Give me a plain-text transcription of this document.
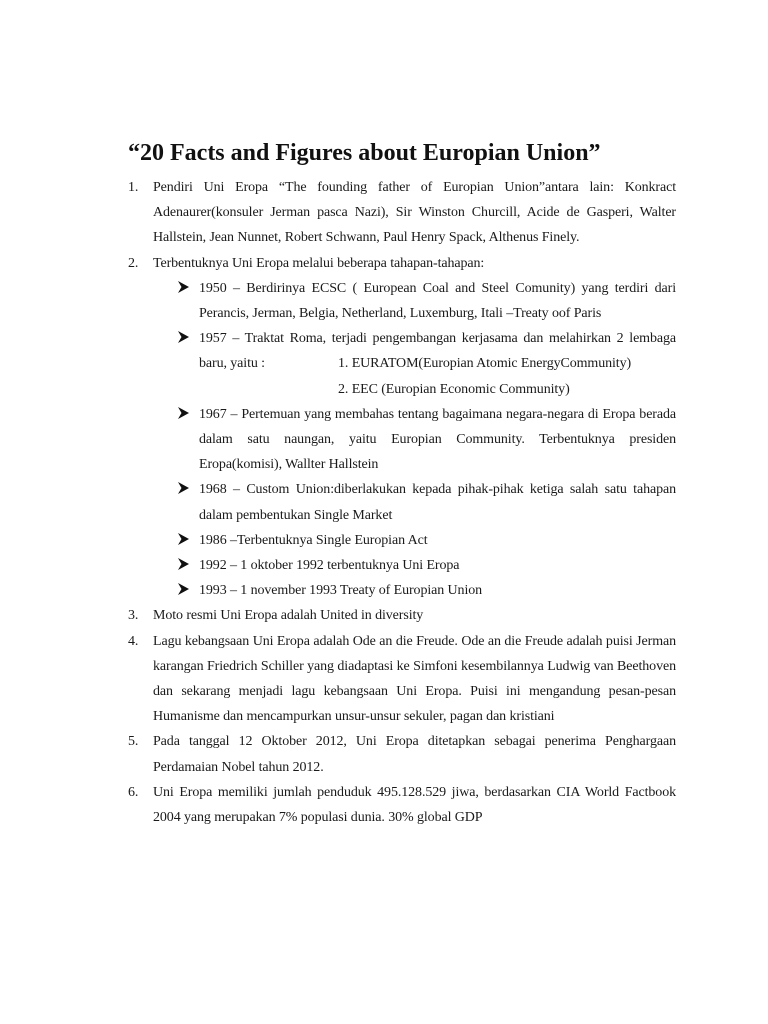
“20 Facts and Figures about Europian Union”
1. Pendiri Uni Eropa “The founding father of Europian Union”antara lain: Konkract Adenaurer(konsuler Jerman pasca Nazi), Sir Winston Churcill, Acide de Gasperi, Walter Hallstein, Jean Nunnet, Robert Schwann, Paul Henry Spack, Althenus Finely.
2. Terbentuknya Uni Eropa melalui beberapa tahapan-tahapan:
1950 – Berdirinya ECSC ( European Coal and Steel Comunity) yang terdiri dari Perancis, Jerman, Belgia, Netherland, Luxemburg, Itali –Treaty oof Paris
1957 – Traktat Roma, terjadi pengembangan kerjasama dan melahirkan 2 lembaga baru, yaitu :	1. EURATOM(Europian Atomic EnergyCommunity)
2. EEC (Europian Economic Community)
1967 – Pertemuan yang membahas tentang bagaimana negara-negara di Eropa berada dalam satu naungan, yaitu Europian Community. Terbentuknya presiden Eropa(komisi), Wallter Hallstein
1968 – Custom Union:diberlakukan kepada pihak-pihak ketiga salah satu tahapan dalam pembentukan Single Market
1986 –Terbentuknya Single Europian Act
1992 – 1 oktober 1992 terbentuknya Uni Eropa
1993 – 1 november 1993 Treaty of Europian Union
3. Moto resmi Uni Eropa adalah United in diversity
4. Lagu kebangsaan Uni Eropa adalah Ode an die Freude. Ode an die Freude adalah puisi Jerman karangan Friedrich Schiller yang diadaptasi ke Simfoni kesembilannya Ludwig van Beethoven dan sekarang menjadi lagu kebangsaan Uni Eropa. Puisi ini mengandung pesan-pesan Humanisme dan mencampurkan unsur-unsur sekuler, pagan dan kristiani
5. Pada tanggal 12 Oktober 2012, Uni Eropa ditetapkan sebagai penerima Penghargaan Perdamaian Nobel tahun 2012.
6. Uni Eropa memiliki jumlah penduduk 495.128.529 jiwa, berdasarkan CIA World Factbook 2004 yang merupakan 7% populasi dunia. 30% global GDP
